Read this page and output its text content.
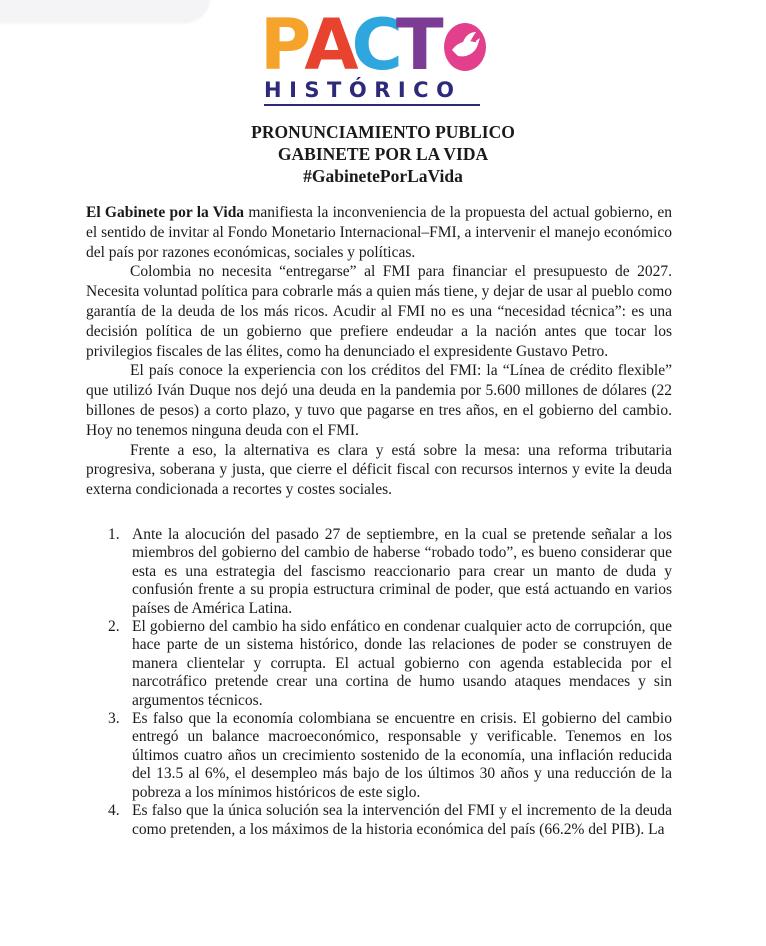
PACT
HISTÓRICO
PRONUNCIAMIENTO PUBLICO
GABINETE POR LA VIDA
#GabinetePorLaVida

El Gabinete por la Vida manifiesta la inconveniencia de la propuesta del actual gobierno, en el sentido de invitar al Fondo Monetario Internacional–FMI, a intervenir el manejo económico del país por razones económicas, sociales y políticas.

Colombia no necesita “entregarse” al FMI para financiar el presupuesto de 2027. Necesita voluntad política para cobrarle más a quien más tiene, y dejar de usar al pueblo como garantía de la deuda de los más ricos. Acudir al FMI no es una “necesidad técnica”: es una decisión política de un gobierno que prefiere endeudar a la nación antes que tocar los privilegios fiscales de las élites, como ha denunciado el expresidente Gustavo Petro.

El país conoce la experiencia con los créditos del FMI: la “Línea de crédito flexible” que utilizó Iván Duque nos dejó una deuda en la pandemia por 5.600 millones de dólares (22 billones de pesos) a corto plazo, y tuvo que pagarse en tres años, en el gobierno del cambio. Hoy no tenemos ninguna deuda con el FMI.

Frente a eso, la alternativa es clara y está sobre la mesa: una reforma tributaria progresiva, soberana y justa, que cierre el déficit fiscal con recursos internos y evite la deuda externa condicionada a recortes y costes sociales.

1. Ante la alocución del pasado 27 de septiembre, en la cual se pretende señalar a los miembros del gobierno del cambio de haberse “robado todo”, es bueno considerar que esta es una estrategia del fascismo reaccionario para crear un manto de duda y confusión frente a su propia estructura criminal de poder, que está actuando en varios países de América Latina.
2. El gobierno del cambio ha sido enfático en condenar cualquier acto de corrupción, que hace parte de un sistema histórico, donde las relaciones de poder se construyen de manera clientelar y corrupta. El actual gobierno con agenda establecida por el narcotráfico pretende crear una cortina de humo usando ataques mendaces y sin argumentos técnicos.
3. Es falso que la economía colombiana se encuentre en crisis. El gobierno del cambio entregó un balance macroeconómico, responsable y verificable. Tenemos en los últimos cuatro años un crecimiento sostenido de la economía, una inflación reducida del 13.5 al 6%, el desempleo más bajo de los últimos 30 años y una reducción de la pobreza a los mínimos históricos de este siglo.
4. Es falso que la única solución sea la intervención del FMI y el incremento de la deuda como pretenden, a los máximos de la historia económica del país (66.2% del PIB). La
